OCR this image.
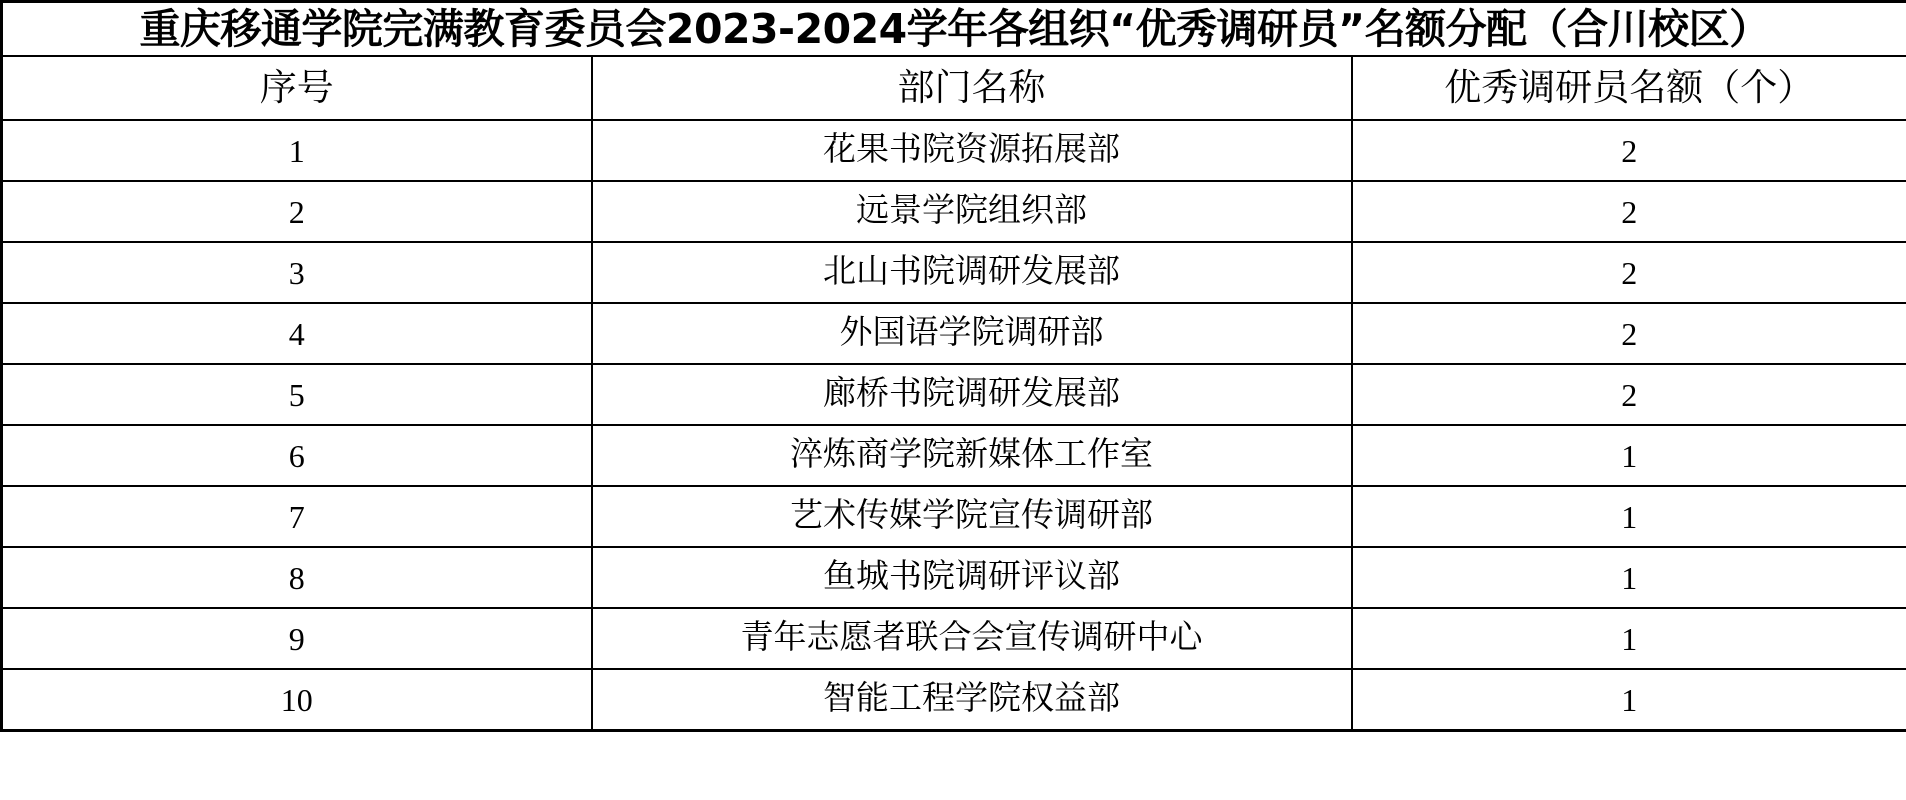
重庆移通学院完满教育委员会2023-2024学年各组织“优秀调研员”名额分配（合川校区）		
序号	部门名称	优秀调研员名额（个）
1	花果书院资源拓展部	2
2	远景学院组织部	2
3	北山书院调研发展部	2
4	外国语学院调研部	2
5	廊桥书院调研发展部	2
6	淬炼商学院新媒体工作室	1
7	艺术传媒学院宣传调研部	1
8	鱼城书院调研评议部	1
9	青年志愿者联合会宣传调研中心	1
10	智能工程学院权益部	1
